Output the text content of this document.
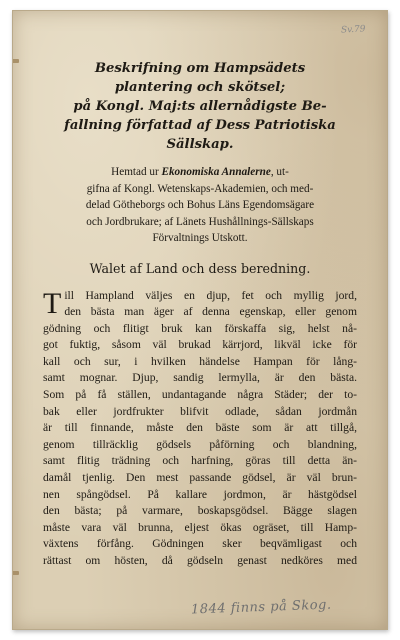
Sv.79
Beskrifning om Hampsädets
plantering och skötsel;
på Kongl. Maj:ts allernådigste Be-
fallning författad af Dess Patriotiska
Sällskap.
Hemtad ur Ekonomiska Annalerne, ut-
gifna af Kongl. Wetenskaps-Akademien, och med-
delad Götheborgs och Bohus Läns Egendomsägare
och Jordbrukare; af Länets Hushållnings-Sällskaps
Förvaltnings Utskott.
Walet af Land och dess beredning.
T ill Hampland väljes en djup, fet och myllig jord,
den bästa man äger af denna egenskap, eller genom
gödning och flitigt bruk kan förskaffa sig, helst nå-
got fuktig, såsom väl brukad kärrjord, likväl icke för
kall och sur, i hvilken händelse Hampan för lång-
samt mognar. Djup, sandig lermylla, är den bästa.
Som på få ställen, undantagande några Städer; der to-
bak eller jordfrukter blifvit odlade, sådan jordmån
är till finnande, måste den bäste som är att tillgå,
genom tillräcklig gödsels påförning och blandning,
samt flitig trädning och harfning, göras till detta än-
damål tjenlig. Den mest passande gödsel, är väl brun-
nen spångödsel. På kallare jordmon, är hästgödsel
den bästa; på varmare, boskapsgödsel. Bägge slagen
måste vara väl brunna, eljest ökas ogräset, till Hamp-
växtens förfång. Gödningen sker beqvämligast och
rättast om hösten, då gödseln genast nedköres med
1844 finns på Skog.
